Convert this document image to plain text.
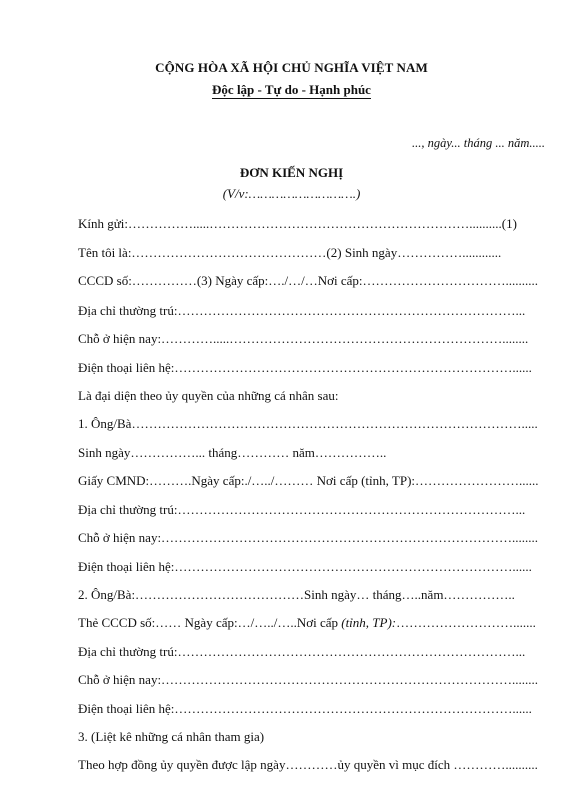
CỘNG HÒA XÃ HỘI CHỦ NGHĨA VIỆT NAM
Độc lập - Tự do - Hạnh phúc
..., ngày... tháng ... năm.....
ĐƠN KIẾN NGHỊ
(V/v:……………………….)
Kính gửi:…………….....……………………………………………………..........(1)
Tên tôi là:………………………………………(2) Sinh ngày……………............
CCCD số:……………(3) Ngày cấp:…./…/…Nơi cấp:……………………………..........
Địa chỉ thường trú:……………………………………………………………………...
Chỗ ở hiện nay:………….....………………………………………………………........
Điện thoại liên hệ:……………………………………………………………………......
Là đại diện theo ủy quyền của những cá nhân sau:
1. Ông/Bà……………………………………………………………………………….....
Sinh ngày……………... tháng………… năm……………..
Giấy CMND:……….Ngày cấp:./…../……… Nơi cấp (tỉnh, TP):……………………......
Địa chỉ thường trú:……………………………………………………………………...
Chỗ ở hiện nay:………………………………………………………………………........
Điện thoại liên hệ:……………………………………………………………………......
2. Ông/Bà:…………………………………Sinh ngày… tháng…..năm……………..
Thẻ CCCD số:…… Ngày cấp:…/…../…..Nơi cấp (tỉnh, TP):……………………….......
Địa chỉ thường trú:……………………………………………………………………...
Chỗ ở hiện nay:………………………………………………………………………........
Điện thoại liên hệ:……………………………………………………………………......
3. (Liệt kê những cá nhân tham gia)
Theo hợp đồng ủy quyền được lập ngày…………ủy quyền vì mục đích …………..........
